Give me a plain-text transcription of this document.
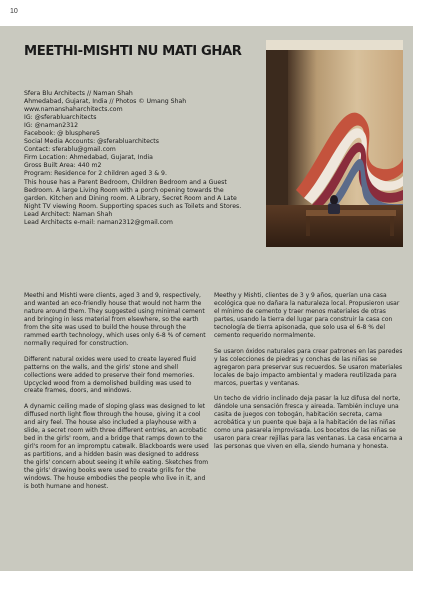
10
MEETHI-MISHTI NU MATI GHAR
Sfera Blu Architects // Naman Shah
Ahmedabad, Gujarat, India // Photos © Umang Shah
www.namanshaharchitects.com
IG: @sferabluarchitects
IG: @naman2312
Facebook: @ blusphere5
Social Media Accounts: @sferabluarchitects
Contact: sferablu@gmail.com
Firm Location: Ahmedabad, Gujarat, India
Gross Built Area: 440 m2
Program: Residence for 2 children aged 3 & 9.
This house has a Parent Bedroom, Children Bedroom and a Guest
Bedroom. A large Living Room with a porch opening towards the
garden. Kitchen and Dining room. A Library, Secret Room and A Late
Night TV viewing Room. Supporting spaces such as Toilets and Stores.
Lead Architect: Naman Shah
Lead Architects e-mail: naman2312@gmail.com

Meethi and Mishti were clients, aged 3 and 9, respectively, and wanted an eco-friendly house that would not harm the nature around them. They suggested using minimal cement and bringing in less material from elsewhere, so the earth from the site was used to build the house through the rammed earth technology, which uses only 6-8 % of cement normally required for construction.

Different natural oxides were used to create layered fluid patterns on the walls, and the girls' stone and shell collections were added to preserve their fond memories. Upcycled wood from a demolished building was used to create frames, doors, and windows.

A dynamic ceiling made of sloping glass was designed to let diffused north light flow through the house, giving it a cool and airy feel. The house also included a playhouse with a slide, a secret room with three different entries, an acrobatic bed in the girls' room, and a bridge that ramps down to the girl's room for an impromptu catwalk. Blackboards were used as partitions, and a hidden basin was designed to address the girls' concern about seeing it while eating. Sketches from the girls' drawing books were used to create grills for the windows. The house embodies the people who live in it, and is both humane and honest.

Meethy y Mishti, clientes de 3 y 9 años, querían una casa ecológica que no dañara la naturaleza local. Propusieron usar el mínimo de cemento y traer menos materiales de otras partes, usando la tierra del lugar para construir la casa con tecnología de tierra apisonada, que solo usa el 6-8 % del cemento requerido normalmente.

Se usaron óxidos naturales para crear patrones en las paredes y las colecciones de piedras y conchas de las niñas se agregaron para preservar sus recuerdos. Se usaron materiales locales de bajo impacto ambiental y madera reutilizada para marcos, puertas y ventanas.

Un techo de vidrio inclinado deja pasar la luz difusa del norte, dándole una sensación fresca y aireada. También incluye una casita de juegos con tobogán, habitación secreta, cama acrobática y un puente que baja a la habitación de las niñas como una pasarela improvisada. Los bocetos de las niñas se usaron para crear rejillas para las ventanas. La casa encarna a las personas que viven en ella, siendo humana y honesta.
